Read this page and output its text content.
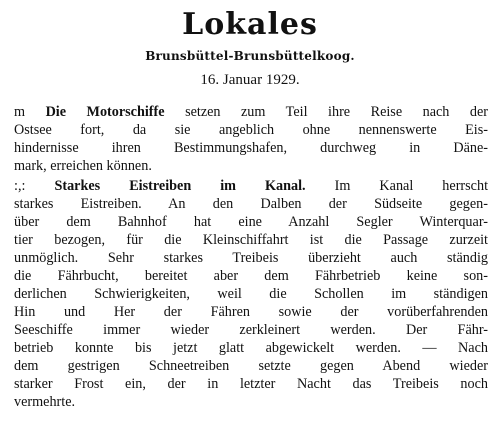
Lokales
Brunsbüttel-Brunsbüttelkoog.
16. Januar 1929.
m Die Motorschiffe setzen zum Teil ihre Reise nach der
Ostsee fort, da sie angeblich ohne nennenswerte Eis-
hindernisse ihren Bestimmungshafen, durchweg in Däne-
mark, erreichen können.
:,: Starkes Eistreiben im Kanal. Im Kanal herrscht
starkes Eistreiben. An den Dalben der Südseite gegen-
über dem Bahnhof hat eine Anzahl Segler Winterquar-
tier bezogen, für die Kleinschiffahrt ist die Passage zurzeit
unmöglich. Sehr starkes Treibeis überzieht auch ständig
die Fährbucht, bereitet aber dem Fährbetrieb keine son-
derlichen Schwierigkeiten, weil die Schollen im ständigen
Hin und Her der Fähren sowie der vorüberfahrenden
Seeschiffe immer wieder zerkleinert werden. Der Fähr-
betrieb konnte bis jetzt glatt abgewickelt werden. — Nach
dem gestrigen Schneetreiben setzte gegen Abend wieder
starker Frost ein, der in letzter Nacht das Treibeis noch
vermehrte.
